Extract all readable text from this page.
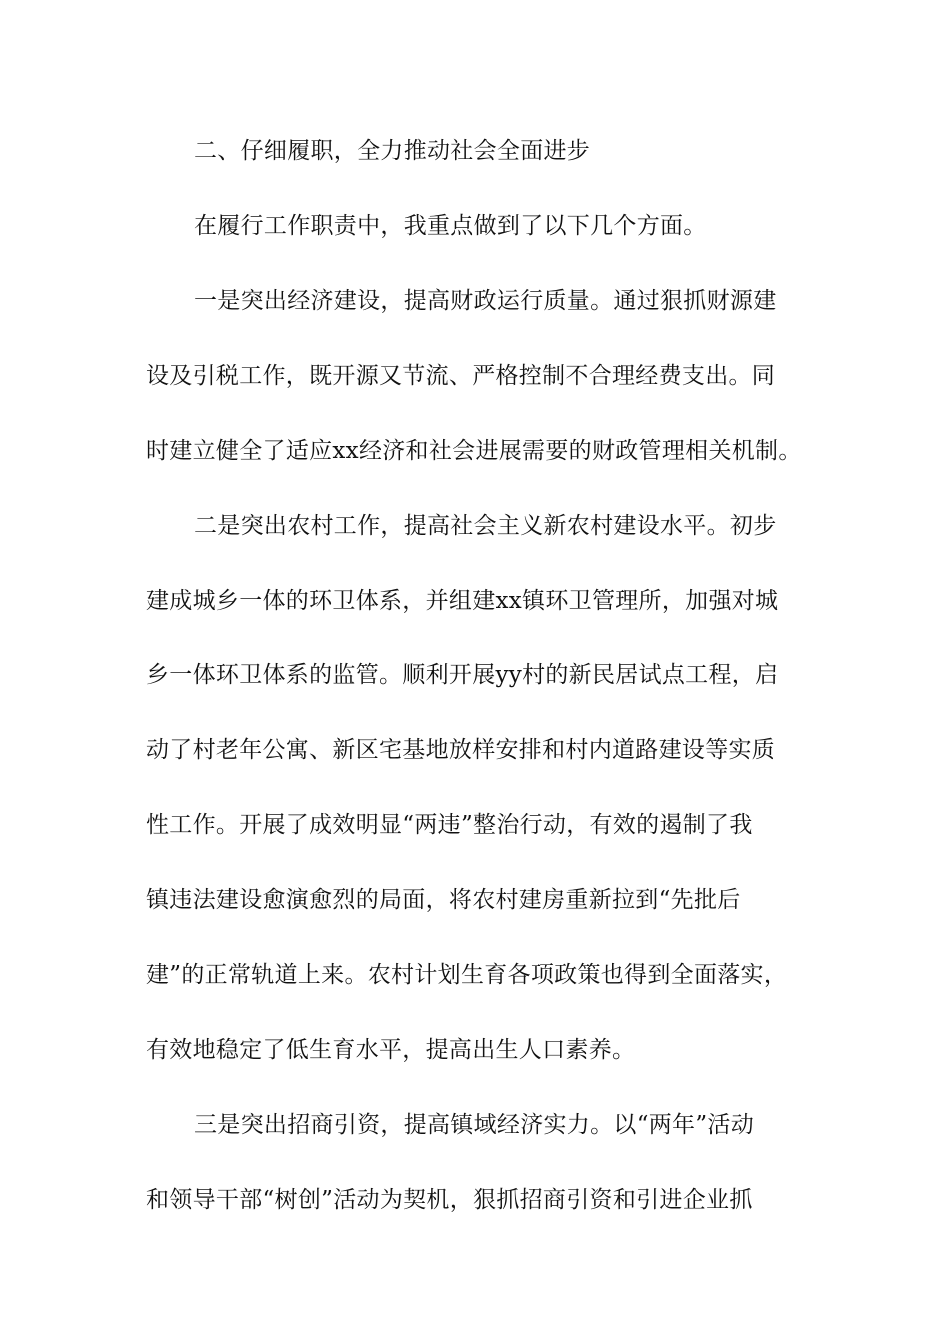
二、仔细履职，全力推动社会全面进步
在履行工作职责中，我重点做到了以下几个方面。
一是突出经济建设，提高财政运行质量。通过狠抓财源建
设及引税工作，既开源又节流、严格控制不合理经费支出。同
时建立健全了适应xx经济和社会进展需要的财政管理相关机制。
二是突出农村工作，提高社会主义新农村建设水平。初步
建成城乡一体的环卫体系，并组建xx镇环卫管理所，加强对城
乡一体环卫体系的监管。顺利开展yy村的新民居试点工程，启
动了村老年公寓、新区宅基地放样安排和村内道路建设等实质
性工作。开展了成效明显“两违”整治行动，有效的遏制了我
镇违法建设愈演愈烈的局面，将农村建房重新拉到“先批后
建”的正常轨道上来。农村计划生育各项政策也得到全面落实，
有效地稳定了低生育水平，提高出生人口素养。
三是突出招商引资，提高镇域经济实力。以“两年”活动
和领导干部“树创”活动为契机，狠抓招商引资和引进企业抓
